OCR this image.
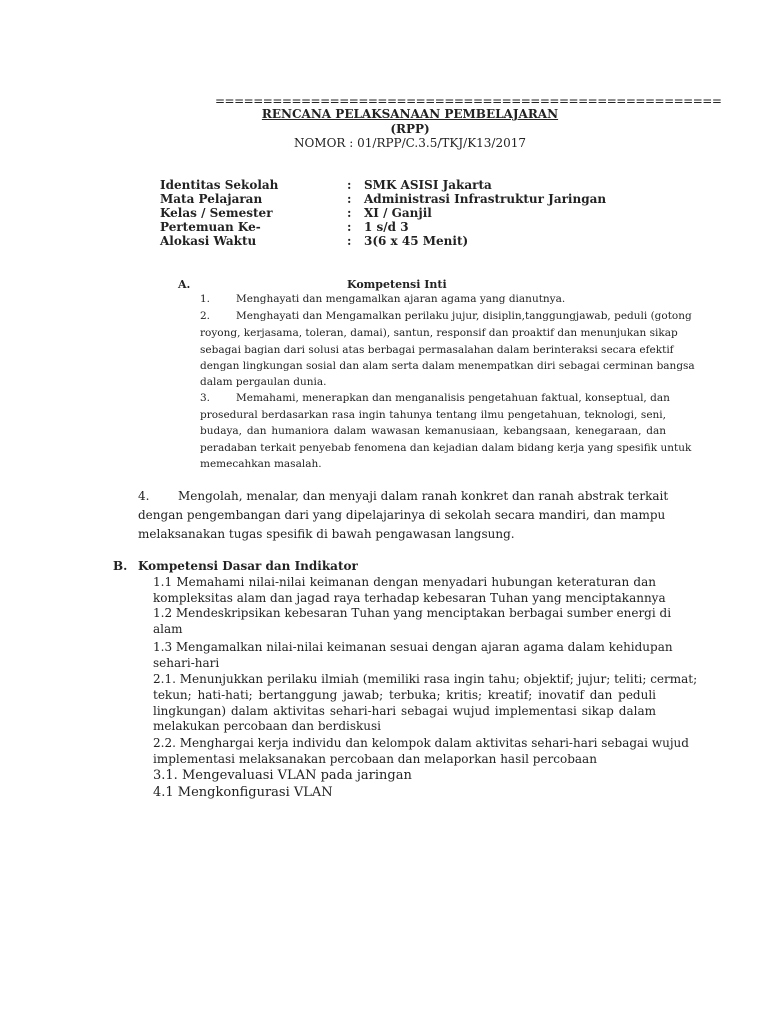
=====================================================
RENCANA PELAKSANAAN PEMBELAJARAN
(RPP)
NOMOR : 01/RPP/C.3.5/TKJ/K13/2017
Identitas Sekolah	: SMK ASISI Jakarta
Mata Pelajaran	: Administrasi Infrastruktur Jaringan
Kelas / Semester	: XI / Ganjil
Pertemuan Ke-	: 1 s/d 3
Alokasi Waktu	: 3(6 x 45 Menit)
A.	Kompetensi Inti
1. Menghayati dan mengamalkan ajaran agama yang dianutnya.
2. Menghayati dan Mengamalkan perilaku jujur, disiplin,tanggungjawab, peduli (gotong
royong, kerjasama, toleran, damai), santun, responsif dan proaktif dan menunjukan sikap
sebagai bagian dari solusi atas berbagai permasalahan dalam berinteraksi secara efektif
dengan lingkungan sosial dan alam serta dalam menempatkan diri sebagai cerminan bangsa
dalam pergaulan dunia.
3. Memahami, menerapkan dan menganalisis pengetahuan faktual, konseptual, dan
prosedural berdasarkan rasa ingin tahunya tentang ilmu pengetahuan, teknologi, seni,
budaya, dan humaniora dalam wawasan kemanusiaan, kebangsaan, kenegaraan, dan
peradaban terkait penyebab fenomena dan kejadian dalam bidang kerja yang spesifik untuk
memecahkan masalah.
4. Mengolah, menalar, dan menyaji dalam ranah konkret dan ranah abstrak terkait
dengan pengembangan dari yang dipelajarinya di sekolah secara mandiri, dan mampu
melaksanakan tugas spesifik di bawah pengawasan langsung.
B. Kompetensi Dasar dan Indikator
1.1 Memahami nilai-nilai keimanan dengan menyadari hubungan keteraturan dan
kompleksitas alam dan jagad raya terhadap kebesaran Tuhan yang menciptakannya
1.2 Mendeskripsikan kebesaran Tuhan yang menciptakan berbagai sumber energi di
alam
1.3 Mengamalkan nilai-nilai keimanan sesuai dengan ajaran agama dalam kehidupan
sehari-hari
2.1. Menunjukkan perilaku ilmiah (memiliki rasa ingin tahu; objektif; jujur; teliti; cermat;
tekun; hati-hati; bertanggung jawab; terbuka; kritis; kreatif; inovatif dan peduli
lingkungan) dalam aktivitas sehari-hari sebagai wujud implementasi sikap dalam
melakukan percobaan dan berdiskusi
2.2. Menghargai kerja individu dan kelompok dalam aktivitas sehari-hari sebagai wujud
implementasi melaksanakan percobaan dan melaporkan hasil percobaan
3.1. Mengevaluasi VLAN pada jaringan
4.1 Mengkonfigurasi VLAN
